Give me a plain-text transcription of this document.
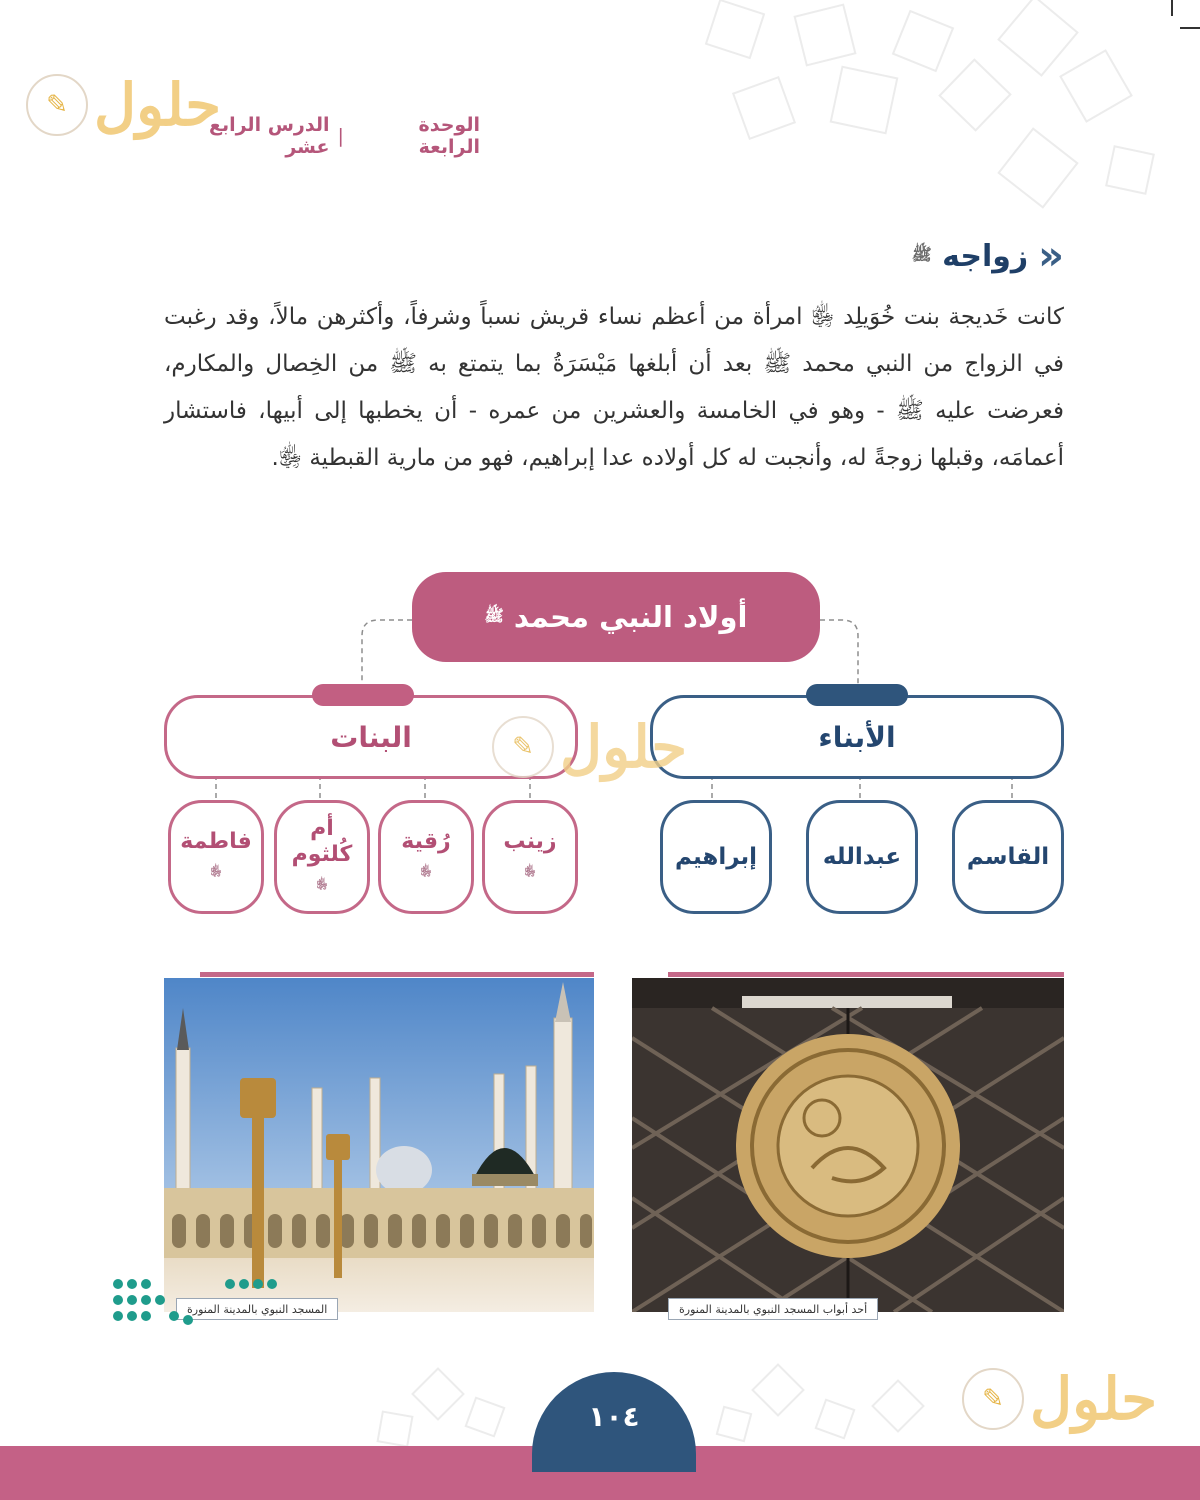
✎ حلول	الوحدة الرابعة
|
الدرس الرابع عشر
«
زواجه ﷺ

كانت خَديجة بنت خُوَيلِد ﵂ امرأة من أعظم نساء قريش نسباً وشرفاً، وأكثرهن مالاً، وقد رغبت في الزواج من النبي محمد ﷺ بعد أن أبلغها مَيْسَرَةُ بما يتمتع به ﷺ من الخِصال والمكارم، فعرضت عليه ﷺ - وهو في الخامسة والعشرين من عمره - أن يخطبها إلى أبيها، فاستشار أعمامَه، وقبلها زوجةً له، وأنجبت له كل أولاده عدا إبراهيم، فهو من مارية القبطية ﵂.

أولاد النبي محمد

ﷺ
الأبناء
البنات	✎ حلول
القاسم
عبدالله
إبراهيم
زينب
﵂
رُقية
﵂
أم كُلثوم
﵂
فاطمة
﵂
المسجد النبوي بالمدينة المنورة	أحد أبواب المسجد النبوي بالمدينة المنورة
✎ حلول
١٠٤
